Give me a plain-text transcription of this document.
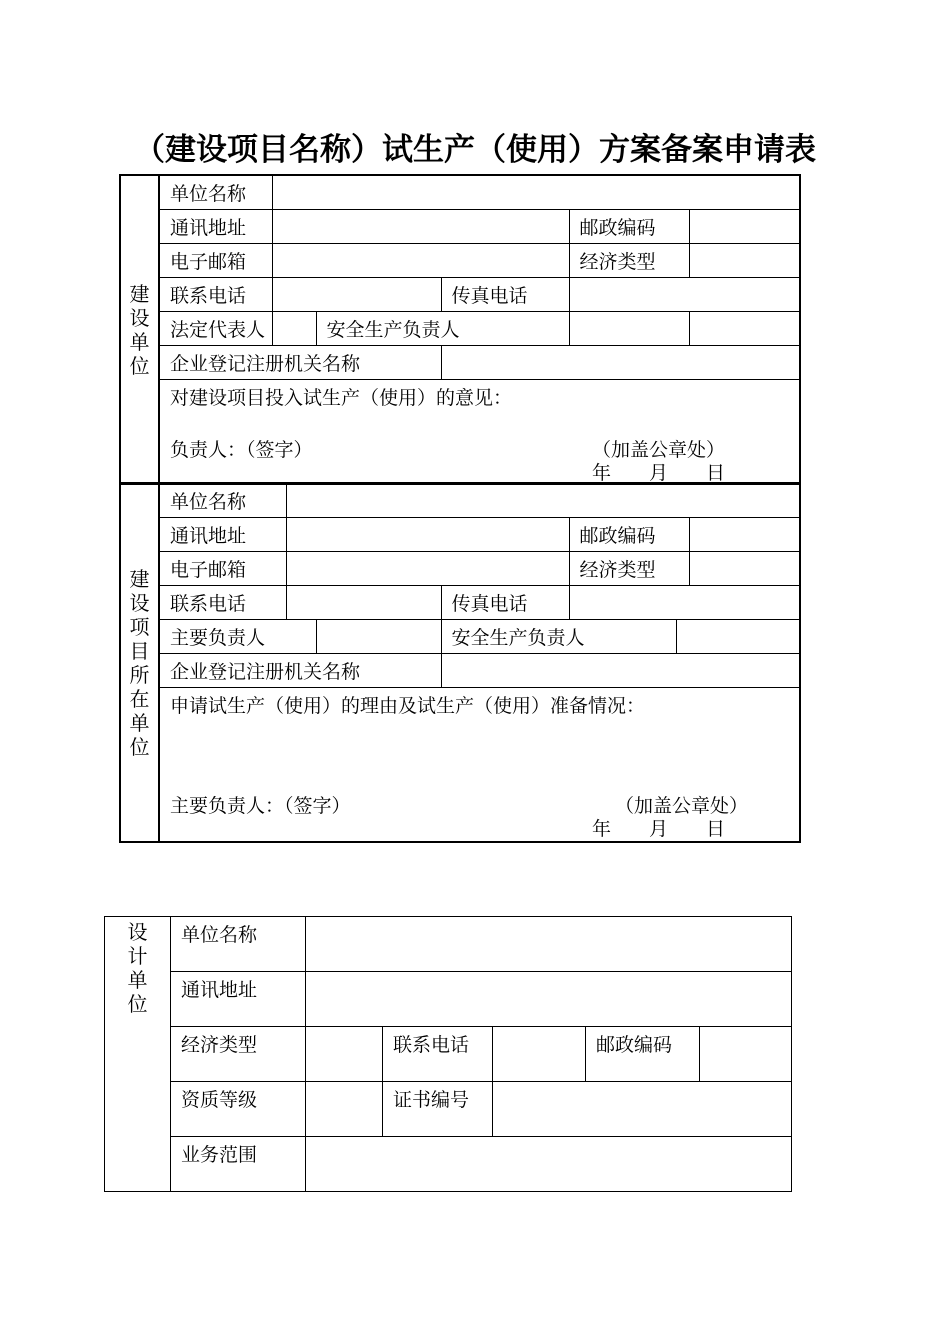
（建设项目名称）试生产（使用）方案备案申请表
建设单位	单位名称					
	通讯地址				邮政编码	
	电子邮箱				经济类型	
	联系电话			传真电话		
	法定代表人		安全生产负责人			
	企业登记注册机关名称					

	对建设项目投入试生产（使用）的意见：
负责人：（签字） （加盖公章处）
年　　月　　日					
建设项目所在单位	单位名称						
	通讯地址				邮政编码		
	电子邮箱				经济类型		
	联系电话			传真电话			
	主要负责人			安全生产负责人			
	企业登记注册机关名称						

	申请试生产（使用）的理由及试生产（使用）准备情况：
主要负责人：（签字） （加盖公章处）
年　　月　　日						
设计单位	单位名称					
	通讯地址					
	经济类型		联系电话		邮政编码	
	资质等级		证书编号			
	业务范围					
